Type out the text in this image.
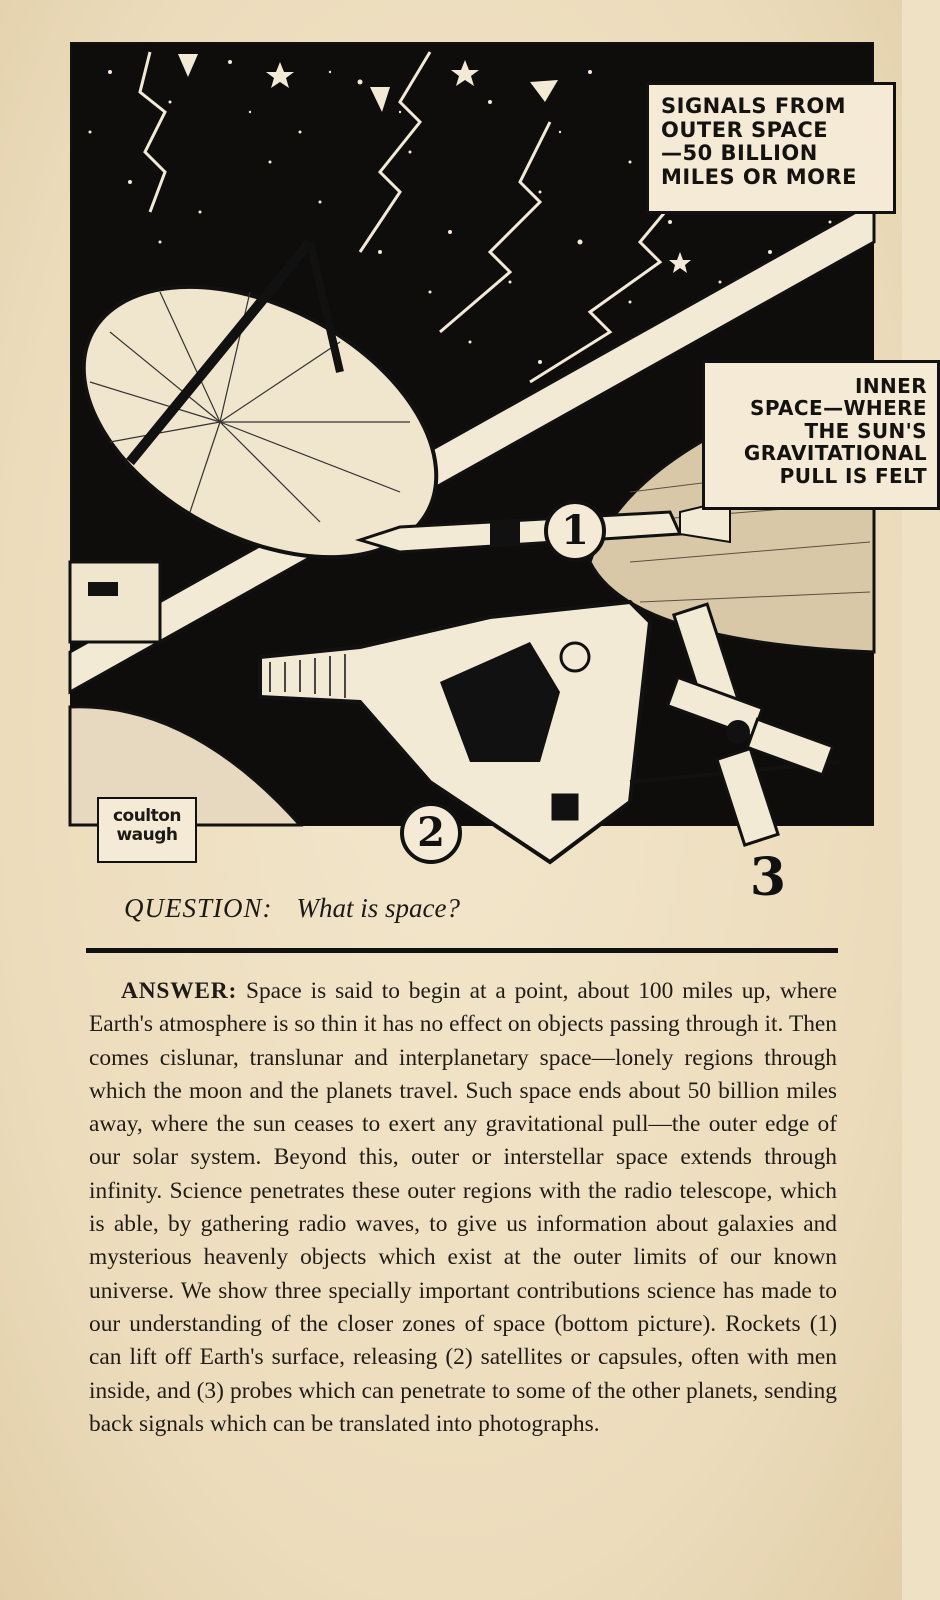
SIGNALS FROM
OUTER SPACE
—50 BILLION
MILES OR MORE
INNER
SPACE—WHERE
THE SUN'S
GRAVITATIONAL
PULL IS FELT
1
2
3
coulton
waugh
QUESTION: What is space?
ANSWER: Space is said to begin at a point, about 100 miles up, where Earth's atmosphere is so thin it has no effect on objects passing through it. Then comes cislunar, translunar and interplanetary space—lonely regions through which the moon and the planets travel. Such space ends about 50 billion miles away, where the sun ceases to exert any gravitational pull—the outer edge of our solar system. Beyond this, outer or interstellar space extends through infinity. Science penetrates these outer regions with the radio telescope, which is able, by gathering radio waves, to give us information about galaxies and mysterious heavenly objects which exist at the outer limits of our known universe. We show three specially important contributions science has made to our understanding of the closer zones of space (bottom picture). Rockets (1) can lift off Earth's surface, releasing (2) satellites or capsules, often with men inside, and (3) probes which can penetrate to some of the other planets, sending back signals which can be translated into photographs.
